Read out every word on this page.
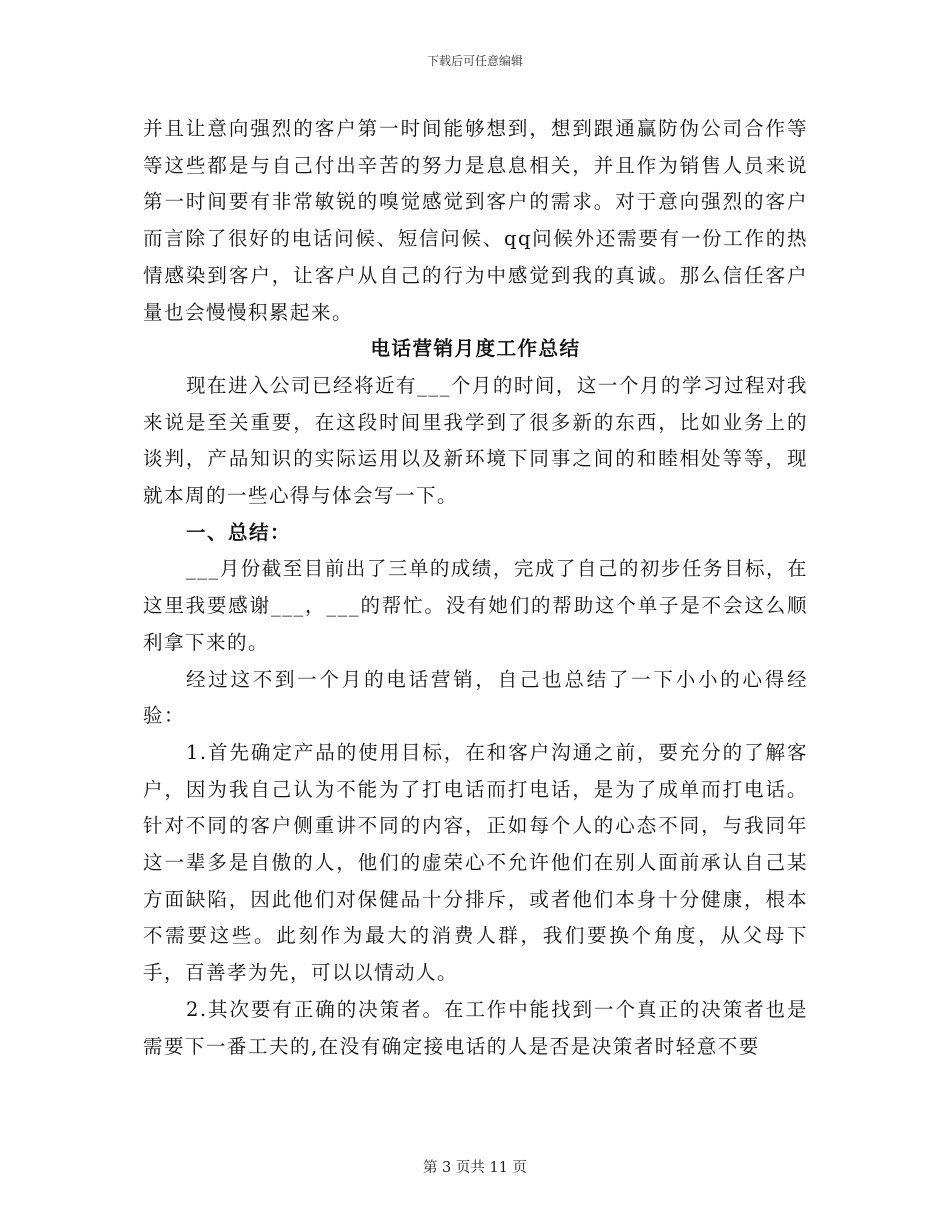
下载后可任意编辑

并且让意向强烈的客户第一时间能够想到，想到跟通赢防伪公司合作等等这些都是与自己付出辛苦的努力是息息相关，并且作为销售人员来说第一时间要有非常敏锐的嗅觉感觉到客户的需求。对于意向强烈的客户而言除了很好的电话问候、短信问候、qq问候外还需要有一份工作的热情感染到客户，让客户从自己的行为中感觉到我的真诚。那么信任客户量也会慢慢积累起来。

电话营销月度工作总结

现在进入公司已经将近有___个月的时间，这一个月的学习过程对我来说是至关重要，在这段时间里我学到了很多新的东西，比如业务上的谈判，产品知识的实际运用以及新环境下同事之间的和睦相处等等，现就本周的一些心得与体会写一下。

一、总结：

___月份截至目前出了三单的成绩，完成了自己的初步任务目标，在这里我要感谢___，___的帮忙。没有她们的帮助这个单子是不会这么顺利拿下来的。

经过这不到一个月的电话营销，自己也总结了一下小小的心得经验：

1.首先确定产品的使用目标，在和客户沟通之前，要充分的了解客户，因为我自己认为不能为了打电话而打电话，是为了成单而打电话。针对不同的客户侧重讲不同的内容，正如每个人的心态不同，与我同年这一辈多是自傲的人，他们的虚荣心不允许他们在别人面前承认自己某方面缺陷，因此他们对保健品十分排斥，或者他们本身十分健康，根本不需要这些。此刻作为最大的消费人群，我们要换个角度，从父母下手，百善孝为先，可以以情动人。

2.其次要有正确的决策者。在工作中能找到一个真正的决策者也是需要下一番工夫的,在没有确定接电话的人是否是决策者时轻意不要

第 3 页共 11 页
